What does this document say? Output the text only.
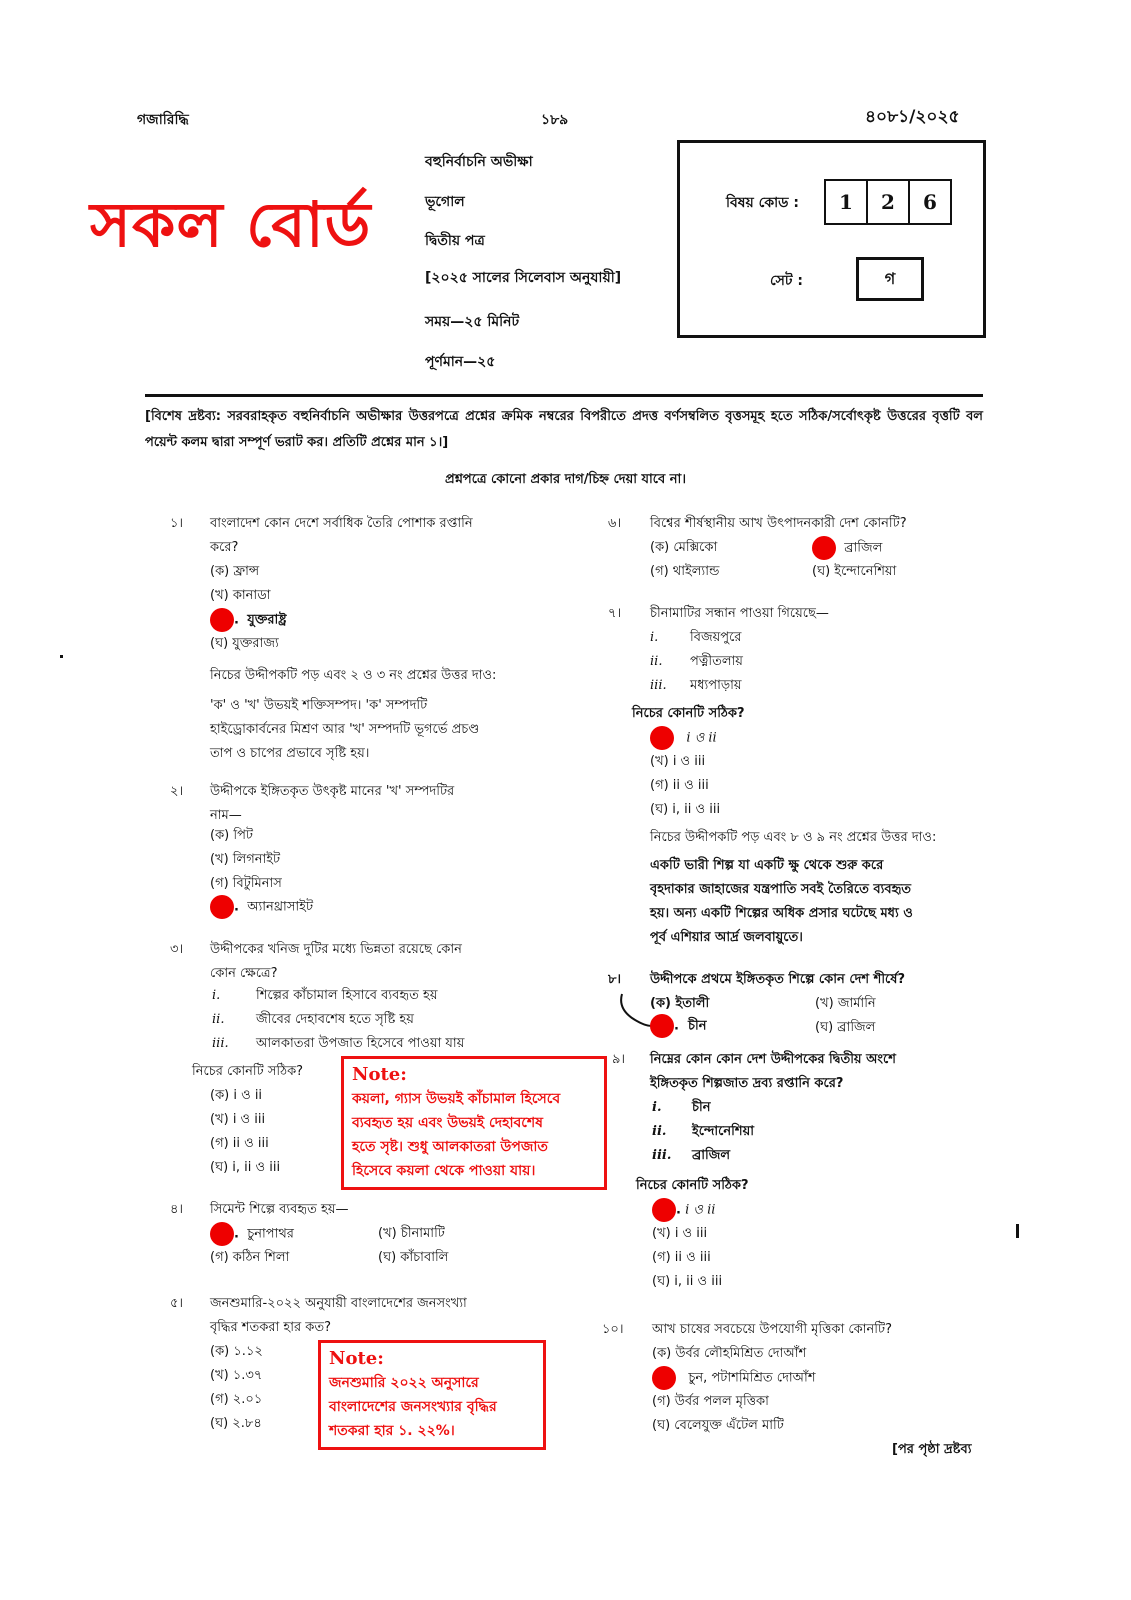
গজারিদ্ধি	১৮৯	৪০৮১/২০২৫
সকল বোর্ড
বহুনির্বাচনি অভীক্ষা
ভূগোল
দ্বিতীয় পত্র
[২০২৫ সালের সিলেবাস অনুযায়ী]
সময়—২৫ মিনিট
পূর্ণমান—২৫
বিষয় কোড :	1 2 6
সেট :	গ
[বিশেষ দ্রষ্টব্য: সরবরাহকৃত বহুনির্বাচনি অভীক্ষার উত্তরপত্রে প্রশ্নের ক্রমিক নম্বরের বিপরীতে প্রদত্ত বর্ণসম্বলিত বৃত্তসমূহ হতে সঠিক/সর্বোৎকৃষ্ট উত্তরের বৃত্তটি বল পয়েন্ট কলম দ্বারা সম্পূর্ণ ভরাট কর। প্রতিটি প্রশ্নের মান ১।]
প্রশ্নপত্রে কোনো প্রকার দাগ/চিহ্ন দেয়া যাবে না।
১। বাংলাদেশ কোন দেশে সর্বাধিক তৈরি পোশাক রপ্তানি
করে?
(ক) ফ্রান্স
(খ) কানাডা
. যুক্তরাষ্ট্র
(ঘ) যুক্তরাজ্য
নিচের উদ্দীপকটি পড় এবং ২ ও ৩ নং প্রশ্নের উত্তর দাও:
'ক' ও 'খ' উভয়ই শক্তিসম্পদ। 'ক' সম্পদটি
হাইড্রোকার্বনের মিশ্রণ আর 'খ' সম্পদটি ভূগর্ভে প্রচণ্ড
তাপ ও চাপের প্রভাবে সৃষ্টি হয়।
২। উদ্দীপকে ইঙ্গিতকৃত উৎকৃষ্ট মানের 'খ' সম্পদটির
নাম—
(ক) পিট
(খ) লিগনাইট
(গ) বিটুমিনাস
. অ্যানথ্রাসাইট
৩। উদ্দীপকের খনিজ দুটির মধ্যে ভিন্নতা রয়েছে কোন
কোন ক্ষেত্রে?
i.	শিল্পের কাঁচামাল হিসাবে ব্যবহৃত হয়
ii. জীবের দেহাবশেষ হতে সৃষ্টি হয়
iii. আলকাতরা উপজাত হিসেবে পাওয়া যায়
নিচের কোনটি সঠিক?
(ক) i ও ii
(খ) i ও iii
(গ) ii ও iii
(ঘ) i, ii ও iii
Note:
কয়লা, গ্যাস উভয়ই কাঁচামাল হিসেবে
ব্যবহৃত হয় এবং উভয়ই দেহাবশেষ
হতে সৃষ্ট। শুধু আলকাতরা উপজাত
হিসেবে কয়লা থেকে পাওয়া যায়।
৪। সিমেন্ট শিল্পে ব্যবহৃত হয়—
. চুনাপাথর	(খ) চীনামাটি
(গ) কঠিন শিলা	(ঘ) কাঁচাবালি
৫। জনশুমারি-২০২২ অনুযায়ী বাংলাদেশের জনসংখ্যা
বৃদ্ধির শতকরা হার কত?
(ক) ১.১২
(খ) ১.৩৭
(গ) ২.০১
(ঘ) ২.৮৪
Note:
জনশুমারি ২০২২ অনুসারে
বাংলাদেশের জনসংখ্যার বৃদ্ধির
শতকরা হার ১. ২২%।
৬। বিশ্বের শীর্ষস্থানীয় আখ উৎপাদনকারী দেশ কোনটি?
(ক) মেক্সিকো	ব্রাজিল
(গ) থাইল্যান্ড	(ঘ) ইন্দোনেশিয়া
৭। চীনামাটির সন্ধান পাওয়া গিয়েছে—
i. বিজয়পুরে
ii. পত্নীতলায়
iii. মধ্যপাড়ায়
নিচের কোনটি সঠিক?
i ও ii
(খ) i ও iii
(গ) ii ও iii
(ঘ) i, ii ও iii
নিচের উদ্দীপকটি পড় এবং ৮ ও ৯ নং প্রশ্নের উত্তর দাও:
একটি ভারী শিল্প যা একটি ক্ষু থেকে শুরু করে
বৃহদাকার জাহাজের যন্ত্রপাতি সবই তৈরিতে ব্যবহৃত
হয়। অন্য একটি শিল্পের অধিক প্রসার ঘটেছে মধ্য ও
পূর্ব এশিয়ার আর্দ্র জলবায়ুতে।
৮। উদ্দীপকে প্রথমে ইঙ্গিতকৃত শিল্পে কোন দেশ শীর্ষে?
(ক) ইতালী	(খ) জার্মানি
. চীন	(ঘ) ব্রাজিল
৯। নিম্নের কোন কোন দেশ উদ্দীপকের দ্বিতীয় অংশে
ইঙ্গিতকৃত শিল্পজাত দ্রব্য রপ্তানি করে?
i. চীন
ii. ইন্দোনেশিয়া
iii. ব্রাজিল
নিচের কোনটি সঠিক?
. i ও ii
(খ) i ও iii
(গ) ii ও iii
(ঘ) i, ii ও iii
১০। আখ চাষের সবচেয়ে উপযোগী মৃত্তিকা কোনটি?
(ক) উর্বর লৌহমিশ্রিত দোআঁশ
চুন, পটাশমিশ্রিত দোআঁশ
(গ) উর্বর পলল মৃত্তিকা
(ঘ) বেলেযুক্ত এঁটেল মাটি
[পর পৃষ্ঠা দ্রষ্টব্য
